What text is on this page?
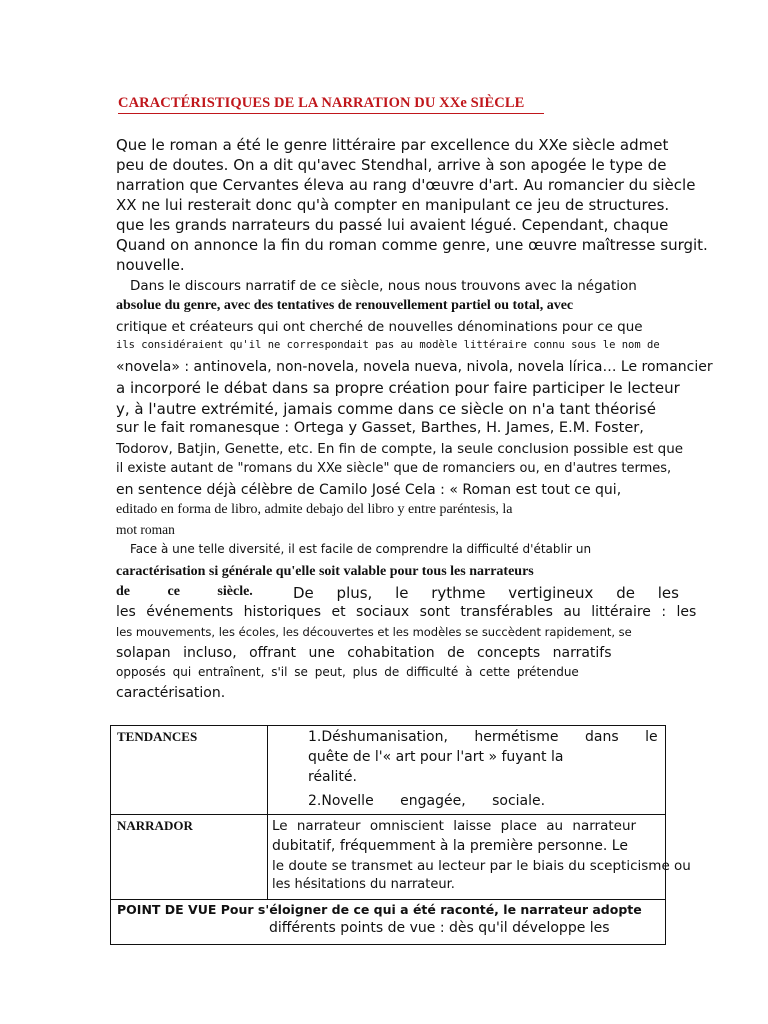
CARACTÉRISTIQUES DE LA NARRATION DU XXe SIÈCLE
Que le roman a été le genre littéraire par excellence du XXe siècle admet
peu de doutes. On a dit qu'avec Stendhal, arrive à son apogée le type de
narration que Cervantes éleva au rang d'œuvre d'art. Au romancier du siècle
XX ne lui resterait donc qu'à compter en manipulant ce jeu de structures.
que les grands narrateurs du passé lui avaient légué. Cependant, chaque
Quand on annonce la fin du roman comme genre, une œuvre maîtresse surgit.
nouvelle.
Dans le discours narratif de ce siècle, nous nous trouvons avec la négation
absolue du genre, avec des tentatives de renouvellement partiel ou total, avec
critique et créateurs qui ont cherché de nouvelles dénominations pour ce que
ils considéraient qu'il ne correspondait pas au modèle littéraire connu sous le nom de
«novela» : antinovela, non-novela, novela nueva, nivola, novela lírica… Le romancier
a incorporé le débat dans sa propre création pour faire participer le lecteur
y, à l'autre extrémité, jamais comme dans ce siècle on n'a tant théorisé
sur le fait romanesque : Ortega y Gasset, Barthes, H. James, E.M. Foster,
Todorov, Batjin, Genette, etc. En fin de compte, la seule conclusion possible est que
il existe autant de "romans du XXe siècle" que de romanciers ou, en d'autres termes,
en sentence déjà célèbre de Camilo José Cela : « Roman est tout ce qui,
editado en forma de libro, admite debajo del libro y entre paréntesis, la
mot roman
Face à une telle diversité, il est facile de comprendre la difficulté d'établir un
caractérisation si générale qu'elle soit valable pour tous les narrateurs
de ce siècle.	De plus, le rythme vertigineux de les
les événements historiques et sociaux sont transférables au littéraire : les
les mouvements, les écoles, les découvertes et les modèles se succèdent rapidement, se
solapan incluso, offrant une cohabitation de concepts narratifs
opposés qui entraînent, s'il se peut, plus de difficulté à cette prétendue
caractérisation.
TENDANCES	1.Déshumanisation, hermétisme dans le
quête de l'« art pour l'art » fuyant la
réalité.
2.Novelle engagée, sociale.

NARRADOR	Le narrateur omniscient laisse place au narrateur
dubitatif, fréquemment à la première personne. Le
le doute se transmet au lecteur par le biais du scepticisme ou
les hésitations du narrateur.

POINT DE VUE Pour s'éloigner de ce qui a été raconté, le narrateur adopte
différents points de vue : dès qu'il développe les	
